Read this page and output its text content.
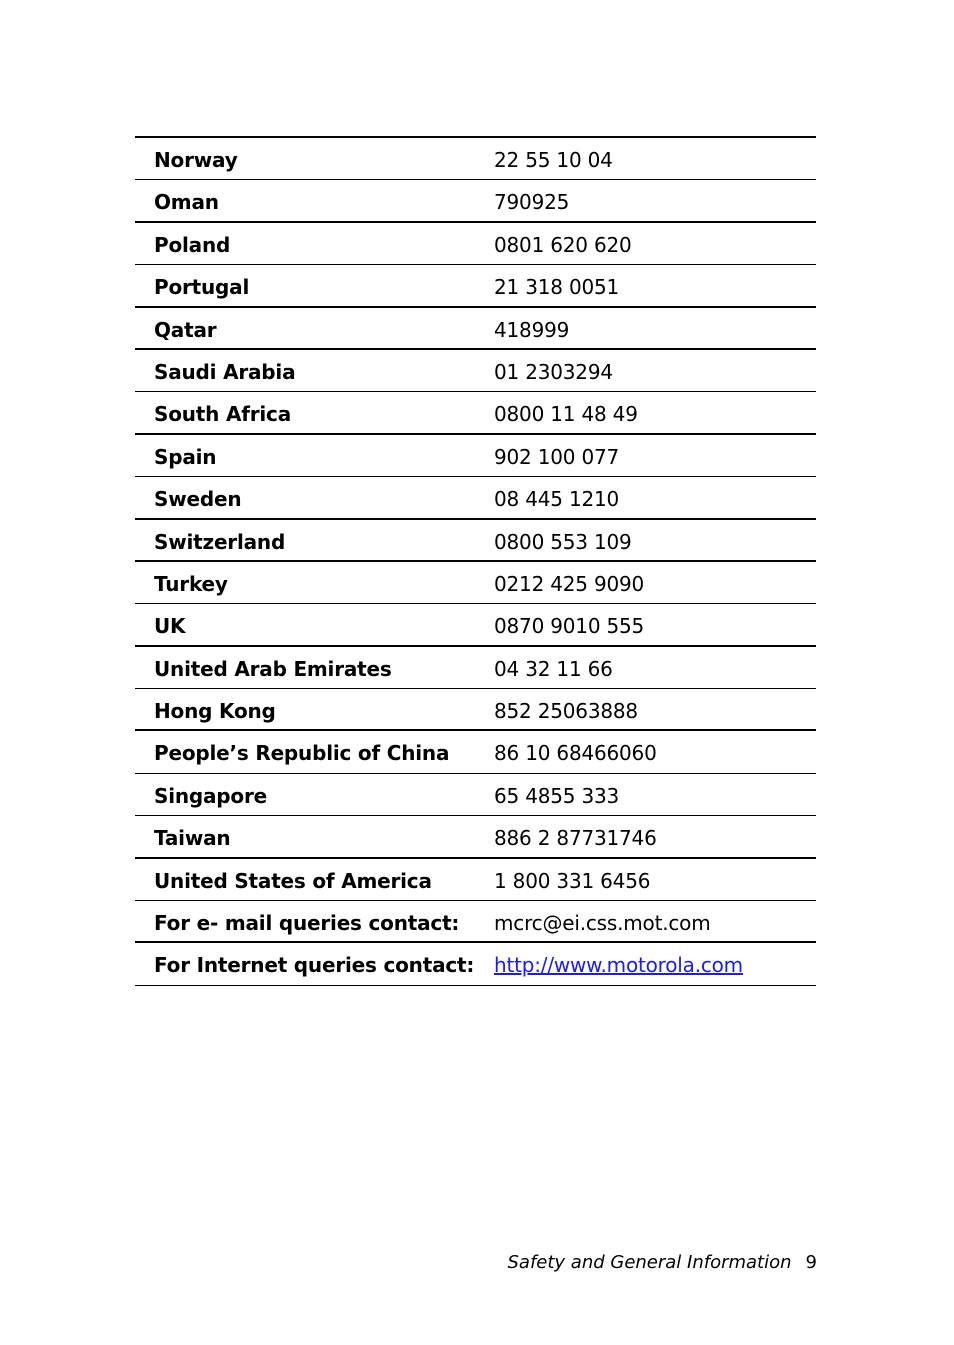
Norway	22 55 10 04
Oman	790925
Poland	0801 620 620
Portugal	21 318 0051
Qatar	418999
Saudi Arabia	01 2303294
South Africa	0800 11 48 49
Spain	902 100 077
Sweden	08 445 1210
Switzerland	0800 553 109
Turkey	0212 425 9090
UK	0870 9010 555
United Arab Emirates	04 32 11 66
Hong Kong	852 25063888
People’s Republic of China 86 10 68466060
Singapore	65 4855 333
Taiwan	886 2 87731746
United States of America	1 800 331 6456
For e- mail queries contact: mcrc@ei.css.mot.com
For Internet queries contact: http://www.motorola.com
Safety and General Information 9
